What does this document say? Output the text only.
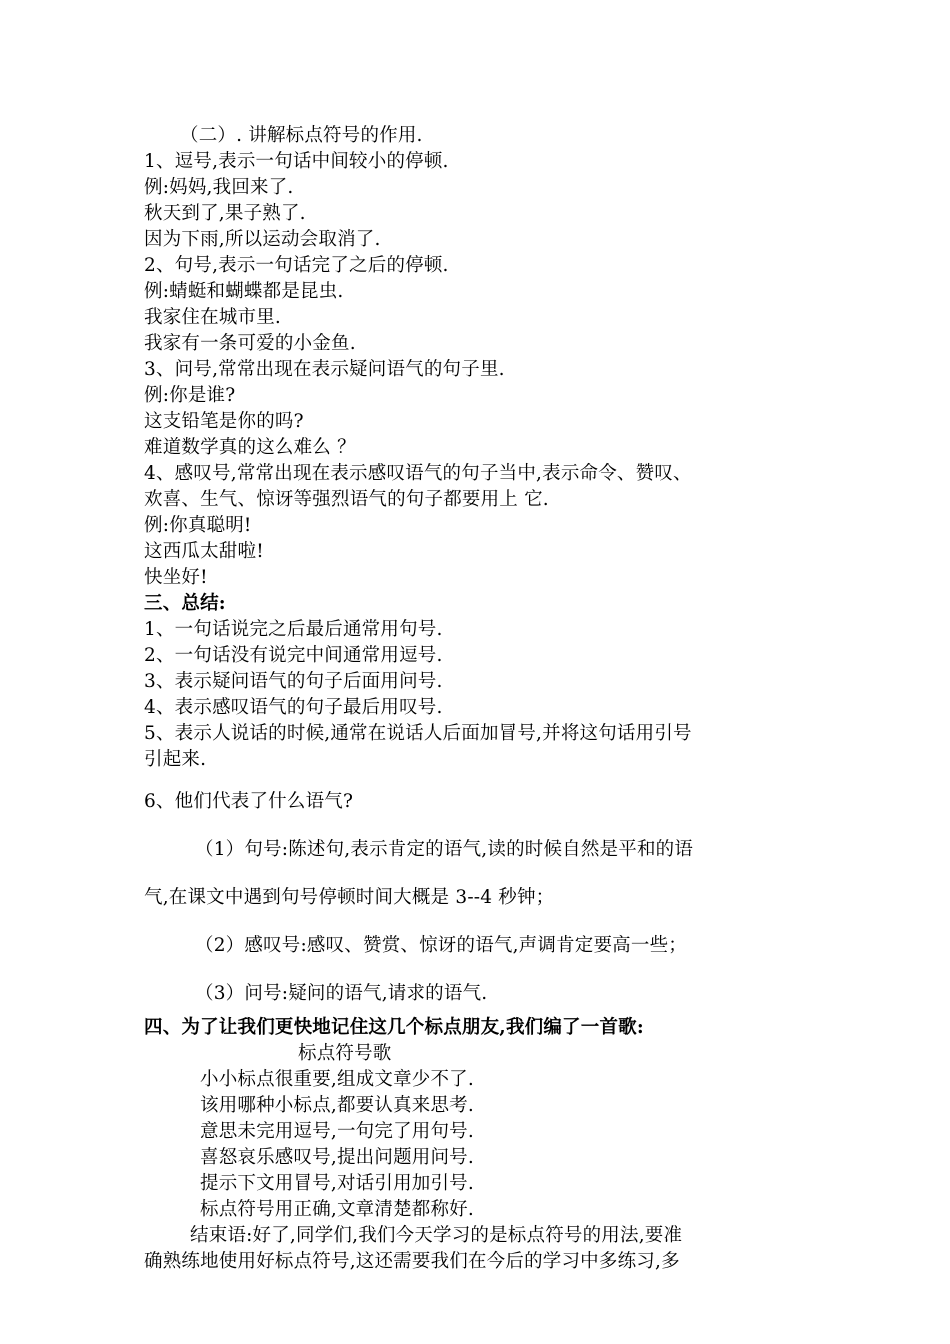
（二）. 讲解标点符号的作用.
1、逗号,表示一句话中间较小的停顿.
例:妈妈,我回来了.
秋天到了,果子熟了.
因为下雨,所以运动会取消了.
2、句号,表示一句话完了之后的停顿.
例:蜻蜓和蝴蝶都是昆虫.
我家住在城市里.
我家有一条可爱的小金鱼.
3、问号,常常出现在表示疑问语气的句子里.
例:你是谁?
这支铅笔是你的吗?
难道数学真的这么难么 ？
4、感叹号,常常出现在表示感叹语气的句子当中,表示命令、赞叹、
欢喜、生气、惊讶等强烈语气的句子都要用上 它.
例:你真聪明!
这西瓜太甜啦!
快坐好!
三、总结:
1、一句话说完之后最后通常用句号.
2、一句话没有说完中间通常用逗号.
3、表示疑问语气的句子后面用问号.
4、表示感叹语气的句子最后用叹号.
5、表示人说话的时候,通常在说话人后面加冒号,并将这句话用引号
引起来.
6、他们代表了什么语气?
（1）句号:陈述句,表示肯定的语气,读的时候自然是平和的语
气,在课文中遇到句号停顿时间大概是 3--4 秒钟；
（2）感叹号:感叹、赞赏、惊讶的语气,声调肯定要高一些；
（3）问号:疑问的语气,请求的语气.
四、为了让我们更快地记住这几个标点朋友,我们编了一首歌:
标点符号歌
小小标点很重要,组成文章少不了.
该用哪种小标点,都要认真来思考.
意思未完用逗号,一句完了用句号.
喜怒哀乐感叹号,提出问题用问号.
提示下文用冒号,对话引用加引号.
标点符号用正确,文章清楚都称好.
结束语:好了,同学们,我们今天学习的是标点符号的用法,要准
确熟练地使用好标点符号,这还需要我们在今后的学习中多练习,多
